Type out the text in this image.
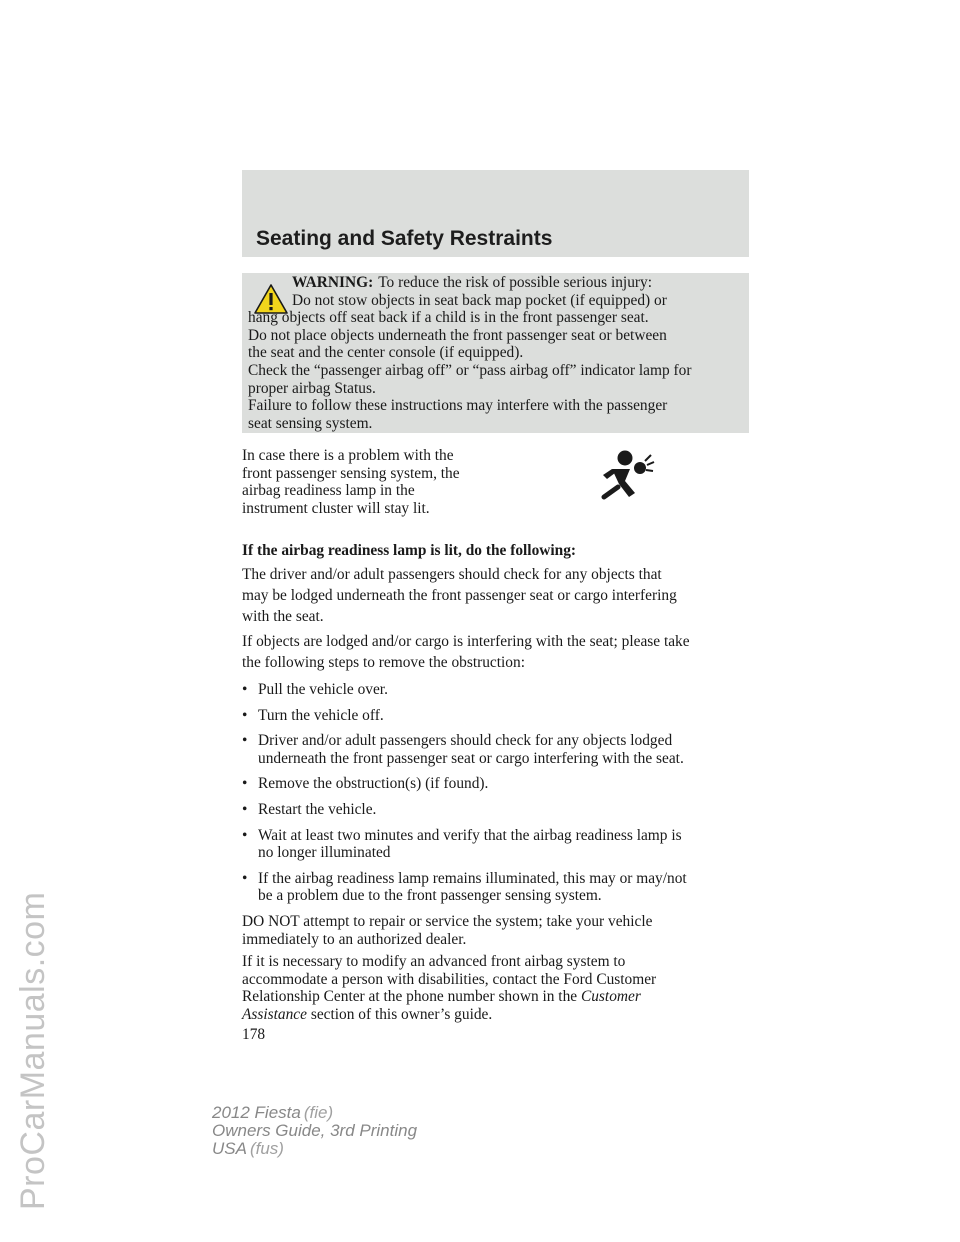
ProCarManuals.com
Seating and Safety Restraints
WARNING: To reduce the risk of possible serious injury:
Do not stow objects in seat back map pocket (if equipped) or
hang objects off seat back if a child is in the front passenger seat.
Do not place objects underneath the front passenger seat or between
the seat and the center console (if equipped).
Check the “passenger airbag off” or “pass airbag off” indicator lamp for
proper airbag Status.
Failure to follow these instructions may interfere with the passenger
seat sensing system.
In case there is a problem with the
front passenger sensing system, the
airbag readiness lamp in the
instrument cluster will stay lit.
If the airbag readiness lamp is lit, do the following:
The driver and/or adult passengers should check for any objects that
may be lodged underneath the front passenger seat or cargo interfering
with the seat.
If objects are lodged and/or cargo is interfering with the seat; please take
the following steps to remove the obstruction:
• Pull the vehicle over.
• Turn the vehicle off.
• Driver and/or adult passengers should check for any objects lodged
underneath the front passenger seat or cargo interfering with the seat.
• Remove the obstruction(s) (if found).
• Restart the vehicle.
• Wait at least two minutes and verify that the airbag readiness lamp is
no longer illuminated
• If the airbag readiness lamp remains illuminated, this may or may/not
be a problem due to the front passenger sensing system.
DO NOT attempt to repair or service the system; take your vehicle
immediately to an authorized dealer.
If it is necessary to modify an advanced front airbag system to
accommodate a person with disabilities, contact the Ford Customer
Relationship Center at the phone number shown in the Customer
Assistance section of this owner’s guide.
178
2012 Fiesta (fie)
Owners Guide, 3rd Printing
USA (fus)
